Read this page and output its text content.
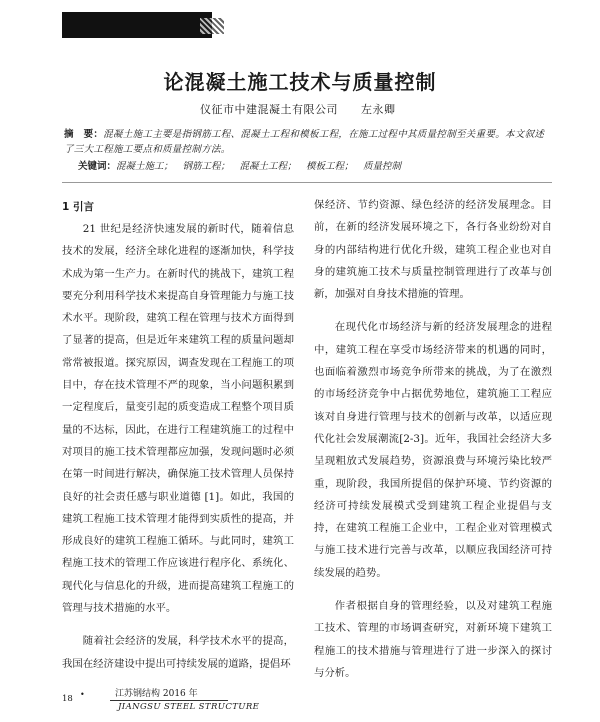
论混凝土施工技术与质量控制
仪征市中建混凝土有限公司　　左永卿
摘　要：混凝土施工主要是指钢筋工程、混凝土工程和模板工程，在施工过程中其质量控制至关重要。本文叙述了三大工程施工要点和质量控制方法。
关键词：混凝土施工；　钢筋工程；　混凝土工程；　模板工程；　质量控制
1 引言

21 世纪是经济快速发展的新时代，随着信息技术的发展，经济全球化进程的逐渐加快，科学技术成为第一生产力。在新时代的挑战下，建筑工程要充分利用科学技术来提高自身管理能力与施工技术水平。现阶段，建筑工程在管理与技术方面得到了显著的提高，但是近年来建筑工程的质量问题却常常被报道。探究原因，调查发现在工程施工的项目中，存在技术管理不严的现象，当小问题积累到一定程度后，量变引起的质变造成工程整个项目质量的不达标，因此，在进行工程建筑施工的过程中对项目的施工技术管理都应加强，发现问题时必须在第一时间进行解决，确保施工技术管理人员保持良好的社会责任感与职业道德 [1]。如此，我国的建筑工程施工技术管理才能得到实质性的提高，并形成良好的建筑工程施工循环。与此同时，建筑工程施工技术的管理工作应该进行程序化、系统化、现代化与信息化的升级，进而提高建筑工程施工的管理与技术措施的水平。

随着社会经济的发展，科学技术水平的提高，我国在经济建设中提出可持续发展的道路，提倡环

保经济、节约资源、绿色经济的经济发展理念。目前，在新的经济发展环境之下，各行各业纷纷对自身的内部结构进行优化升级，建筑工程企业也对自身的建筑施工技术与质量控制管理进行了改革与创新，加强对自身技术措施的管理。

在现代化市场经济与新的经济发展理念的进程中，建筑工程在享受市场经济带来的机遇的同时，也面临着激烈市场竞争所带来的挑战，为了在激烈的市场经济竞争中占据优势地位，建筑施工工程应该对自身进行管理与技术的创新与改革，以适应现代化社会发展潮流[2-3]。近年，我国社会经济大多呈现粗放式发展趋势，资源浪费与环境污染比较严重，现阶段，我国所提倡的保护环境、节约资源的经济可持续发展模式受到建筑工程企业提倡与支持，在建筑工程施工企业中，工程企业对管理模式与施工技术进行完善与改革，以顺应我国经济可持续发展的趋势。

作者根据自身的管理经验，以及对建筑工程施工技术、管理的市场调查研究，对新环境下建筑工程施工的技术措施与管理进行了进一步深入的探讨与分析。

18 •	江苏钢结构 2016 年
JIANGSU STEEL STRUCTURE
